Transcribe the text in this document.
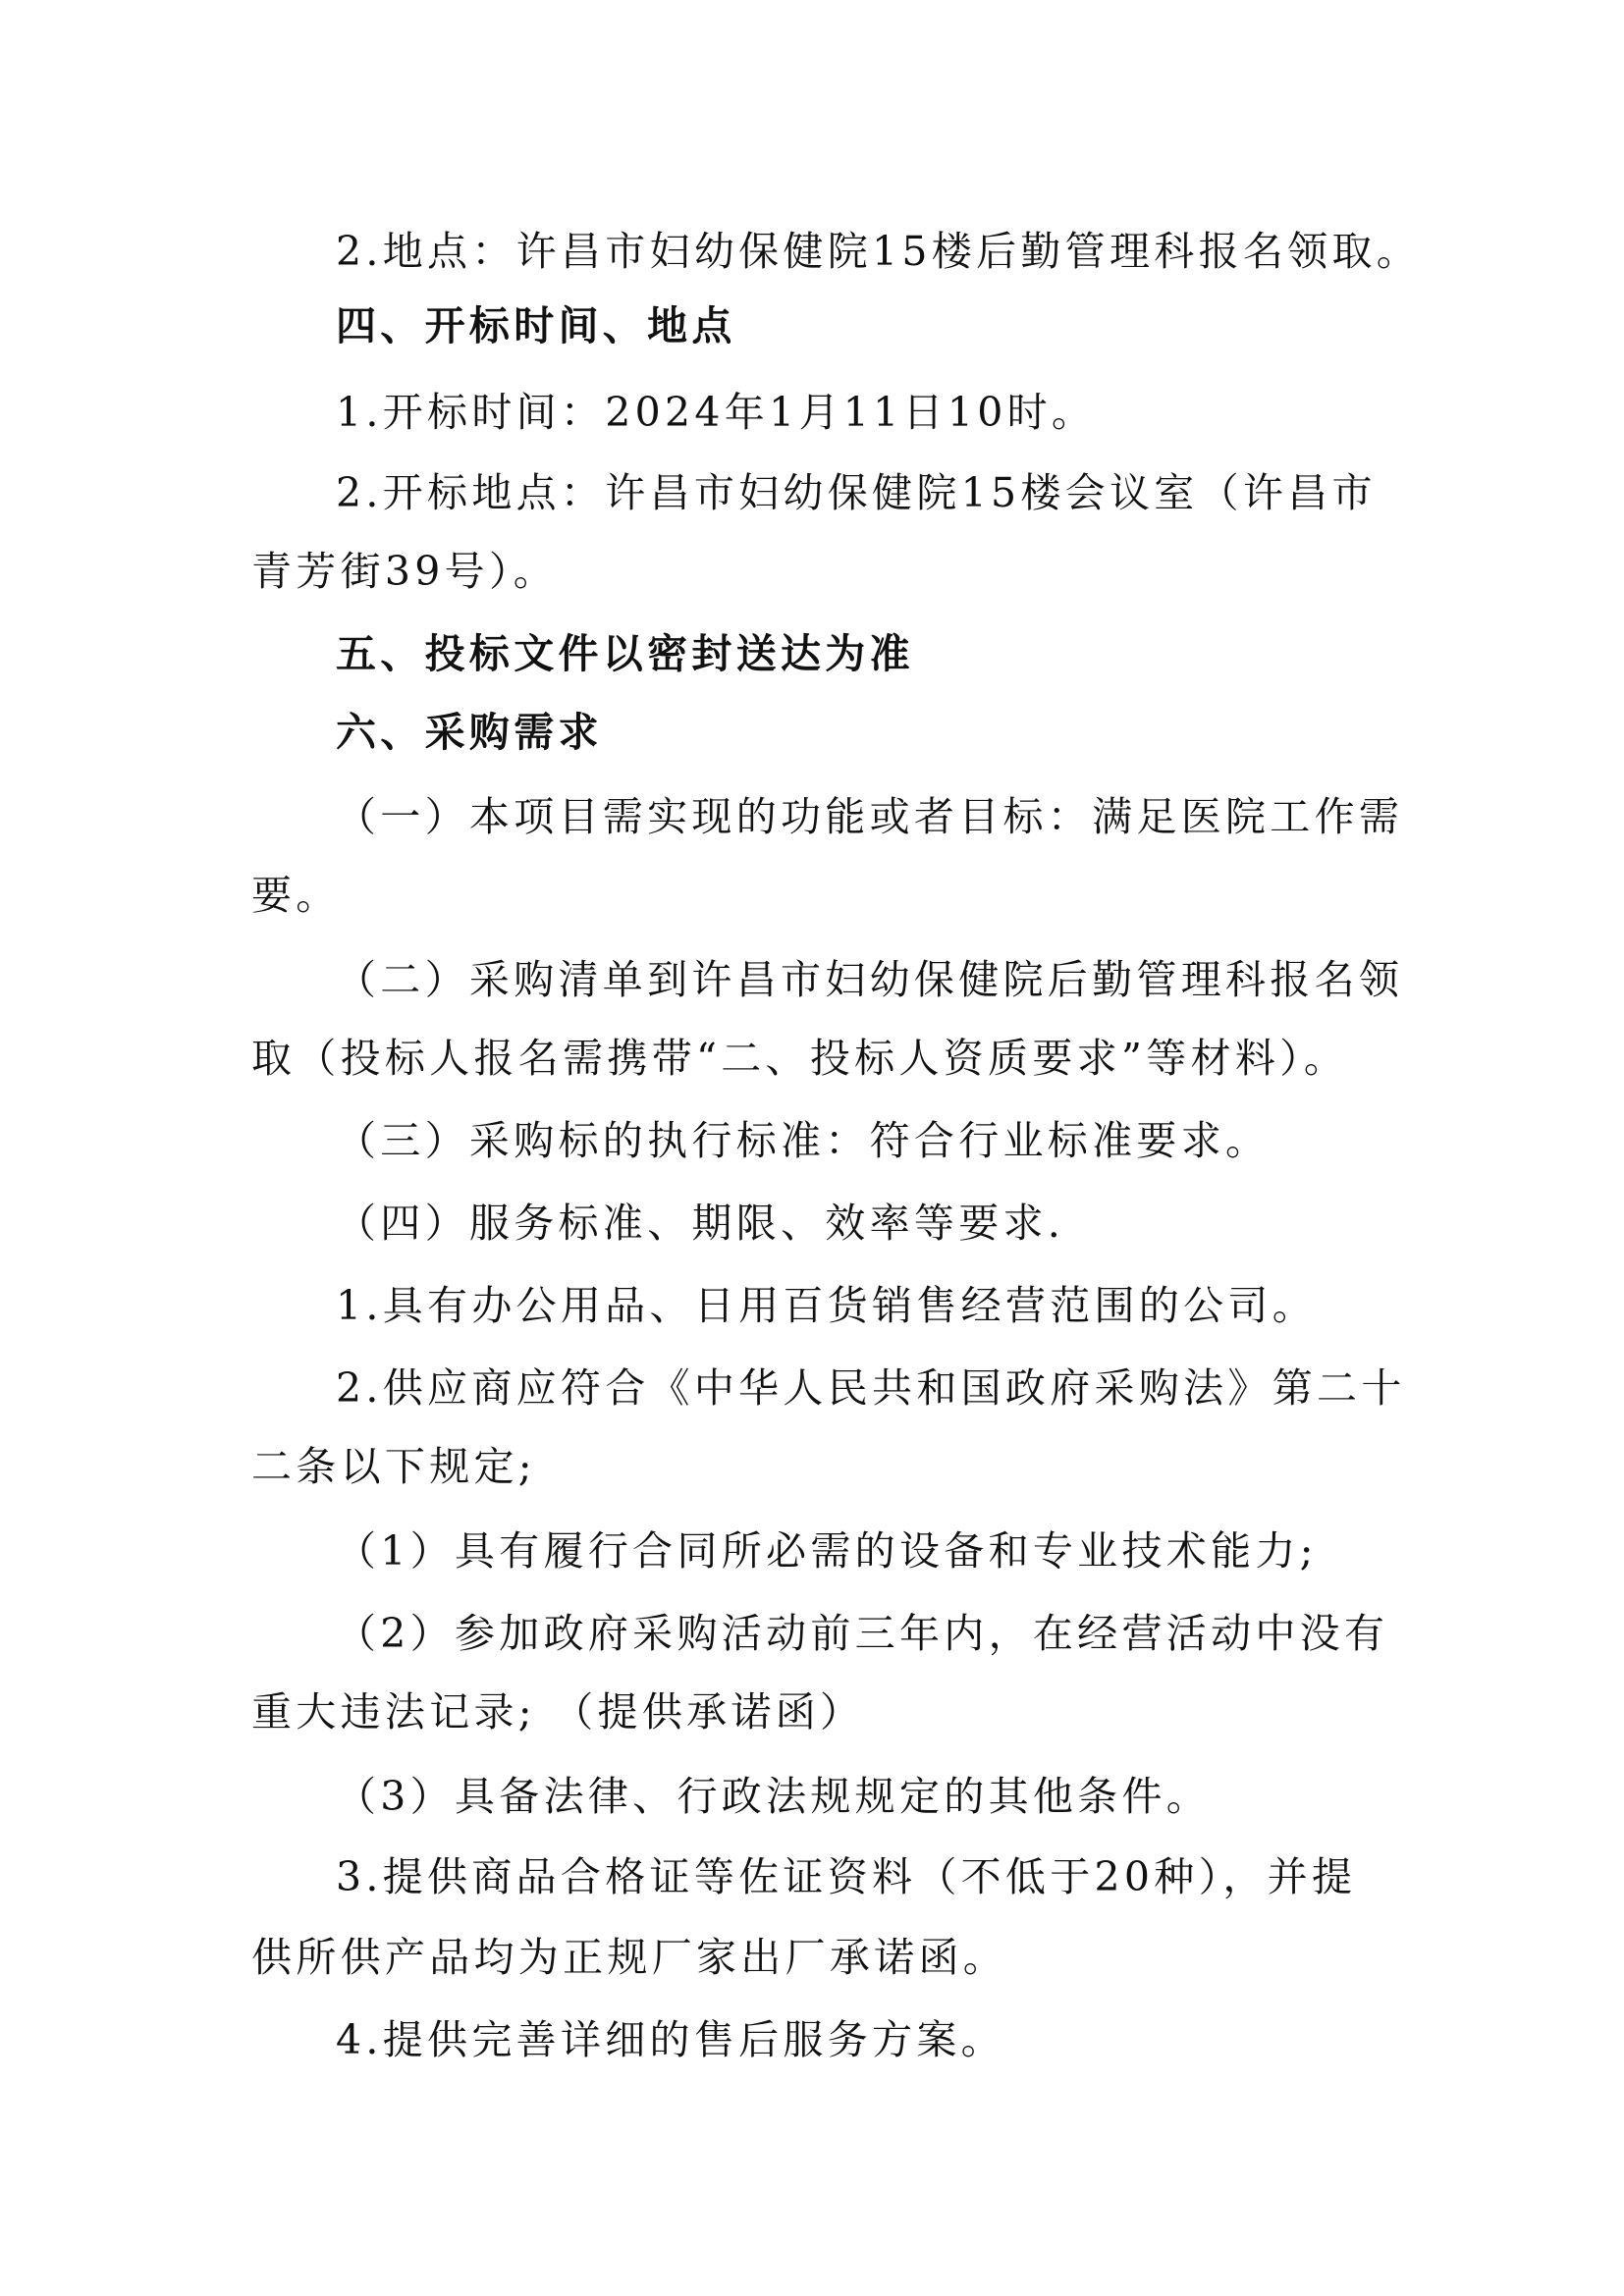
2.地点：许昌市妇幼保健院15楼后勤管理科报名领取。
四、开标时间、地点
1.开标时间：2024年1月11日10时。
2.开标地点：许昌市妇幼保健院15楼会议室（许昌市
青芳街39号）。
五、投标文件以密封送达为准
六、采购需求
（一）本项目需实现的功能或者目标：满足医院工作需
要。
（二）采购清单到许昌市妇幼保健院后勤管理科报名领
取（投标人报名需携带“二、投标人资质要求”等材料）。
（三）采购标的执行标准：符合行业标准要求。
（四）服务标准、期限、效率等要求.
1.具有办公用品、日用百货销售经营范围的公司。
2.供应商应符合《中华人民共和国政府采购法》第二十
二条以下规定;
（1）具有履行合同所必需的设备和专业技术能力;
（2）参加政府采购活动前三年内，在经营活动中没有
重大违法记录; （提供承诺函）
（3）具备法律、行政法规规定的其他条件。
3.提供商品合格证等佐证资料（不低于20种），并提
供所供产品均为正规厂家出厂承诺函。
4.提供完善详细的售后服务方案。
